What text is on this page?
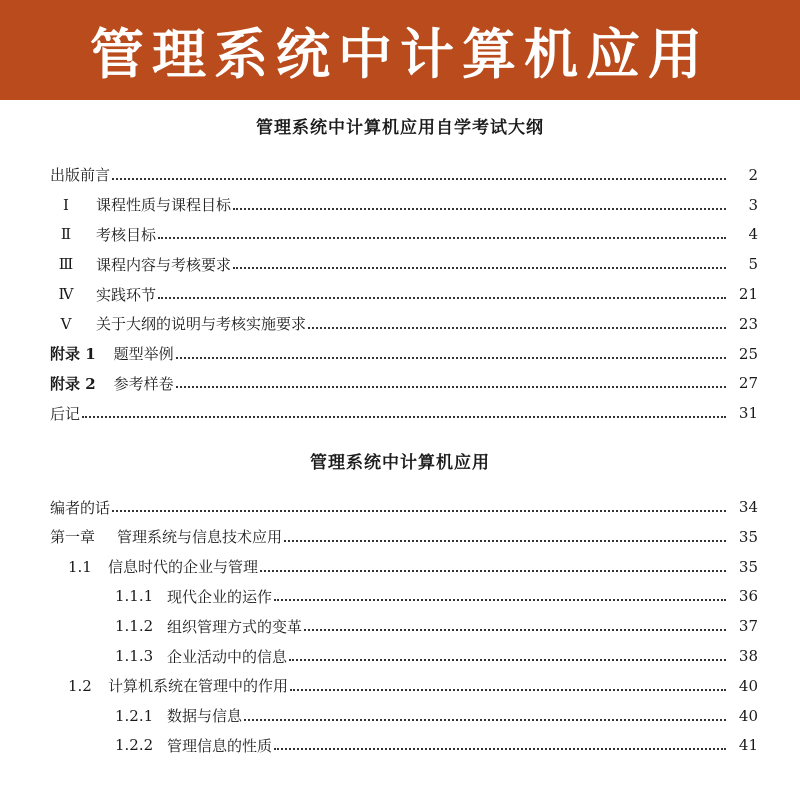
管理系统中计算机应用
管理系统中计算机应用自学考试大纲
出版前言	2
Ⅰ	课程性质与课程目标	3
Ⅱ	考核目标	4
Ⅲ	课程内容与考核要求	5
Ⅳ	实践环节	21
Ⅴ	关于大纲的说明与考核实施要求	23
附录 1 题型举例	25
附录 2 参考样卷	27
后记	31
管理系统中计算机应用
编者的话	34
第一章 管理系统与信息技术应用	35
1.1	信息时代的企业与管理	35
1.1.1 现代企业的运作	36
1.1.2 组织管理方式的变革	37
1.1.3 企业活动中的信息	38
1.2	计算机系统在管理中的作用	40
1.2.1 数据与信息	40
1.2.2 管理信息的性质	41
